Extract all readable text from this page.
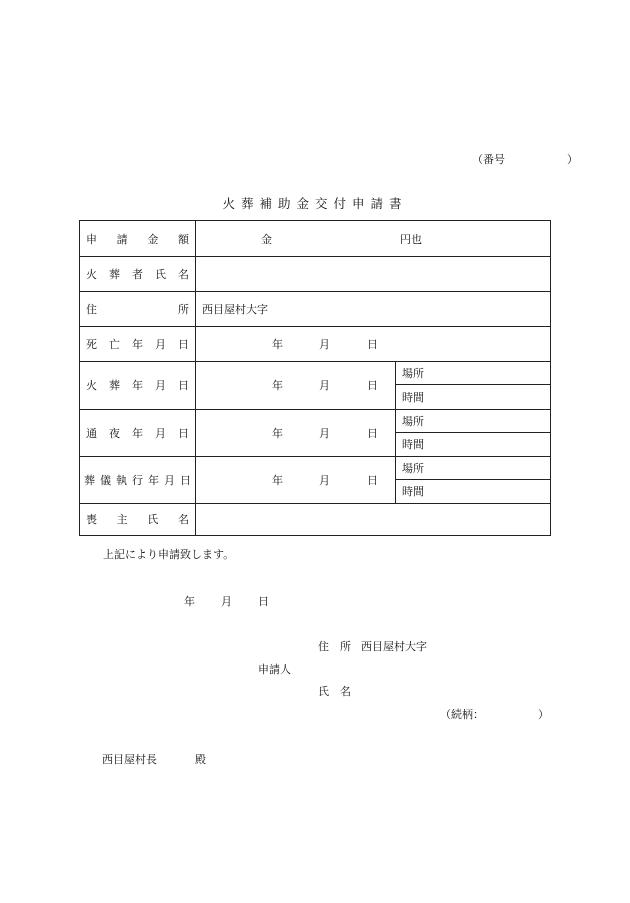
（番号	）
火葬補助金交付申請書
申 請 金 額	金	円也
火 葬 者 氏 名
住	所 西目屋村大字
死 亡 年 月 日	年	月	日
火 葬 年 月 日	年	月	日
場所
時間
通 夜 年 月 日	年	月	日
場所
時間
葬 儀 執 行 年 月 日	年	月	日
場所
時間
喪 主 氏 名
上記により申請致します。
年 月 日
住　所 西目屋村大字
申請人
氏　名
（続柄：	）
西目屋村長	殿
